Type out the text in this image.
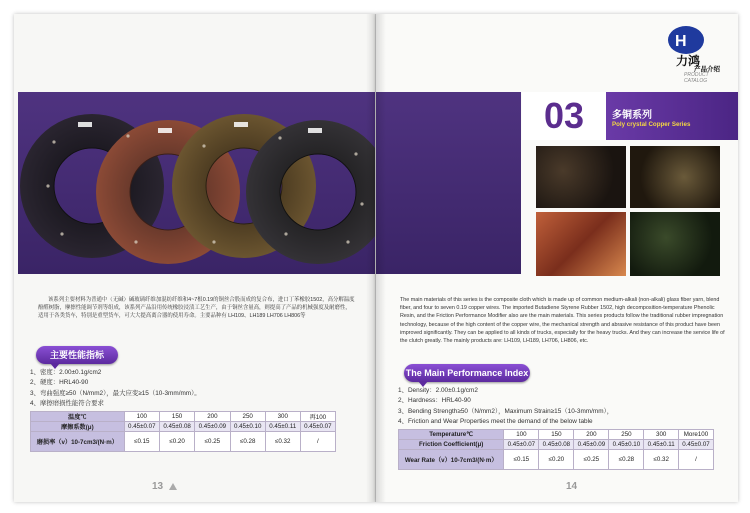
该系列主要材料为普通中（无碱）碱玻璃纤维加混纺纤维和4~7根0.19的铜丝合股而成的复合布，进口丁苯橡胶1502，高分解温度酚醛树脂，摩擦性能调节剂等组成，该系列产品沿用传统橡胶浸渍工艺生产，由于铜丝含量高，则提高了产品的机械强度及耐磨性，适用于各类货车，特别是重型货车，可大大提高离合器的使用寿命。主要品种有 LH109、LH189 LH706 LH806等
主要性能指标
1、密度：2.00±0.1g/cm2
2、硬度：HRL40-90
3、弯曲强度≥50（N/mm2），最大应变≥15（10-3mm/mm）。
4、摩擦磨损性能符合要求
温度℃	100	150	200	250	300	再100
摩擦系数(μ)	0.45±0.07	0.45±0.08	0.45±0.09	0.45±0.10	0.45±0.11	0.45±0.07
磨损率（v）10-7cm3/(N·m）	≤0.15	≤0.20	≤0.25	≤0.28	≤0.32	/
13
H
力鸿
产品介绍
PRODUCT CATALOG
03	多铜系列
Poly crystal Copper Series
The main materials of this series is the composite cloth which is made up of common medium-alkali (non-alkali) glass fiber yarn, blend fiber, and four to seven 0.19 copper wires. The imported Butadiene Styrene Rubber 1502, high decomposition-temperature Phenolic Resin, and the Friction Performance Modifier also are the main materials. This series products follow the traditional rubber impregnation technology, because of the high content of the copper wire, the mechanical strength and abrasive resistance of this product have been improved significantly. They can be applied to all kinds of trucks, especially for the heavy trucks. And they can increase the service life of the clutch greatly. The mainly products are: LH109, LH189, LH706, LH806, etc.
The Main Performance Index
1、Density：2.00±0.1g/cm2
2、Hardness：HRL40-90
3、Bending Strength≥50（N/mm2），Maximum Strain≥15（10-3mm/mm），
4、Friction and Wear Properties meet the demand of the below table
Temperature℃	100	150	200	250	300	More100
Friction Coefficient(μ)	0.45±0.07	0.45±0.08	0.45±0.09	0.45±0.10	0.45±0.11	0.45±0.07
Wear Rate（v）10-7cm3/(N·m）	≤0.15	≤0.20	≤0.25	≤0.28	≤0.32	/
14
